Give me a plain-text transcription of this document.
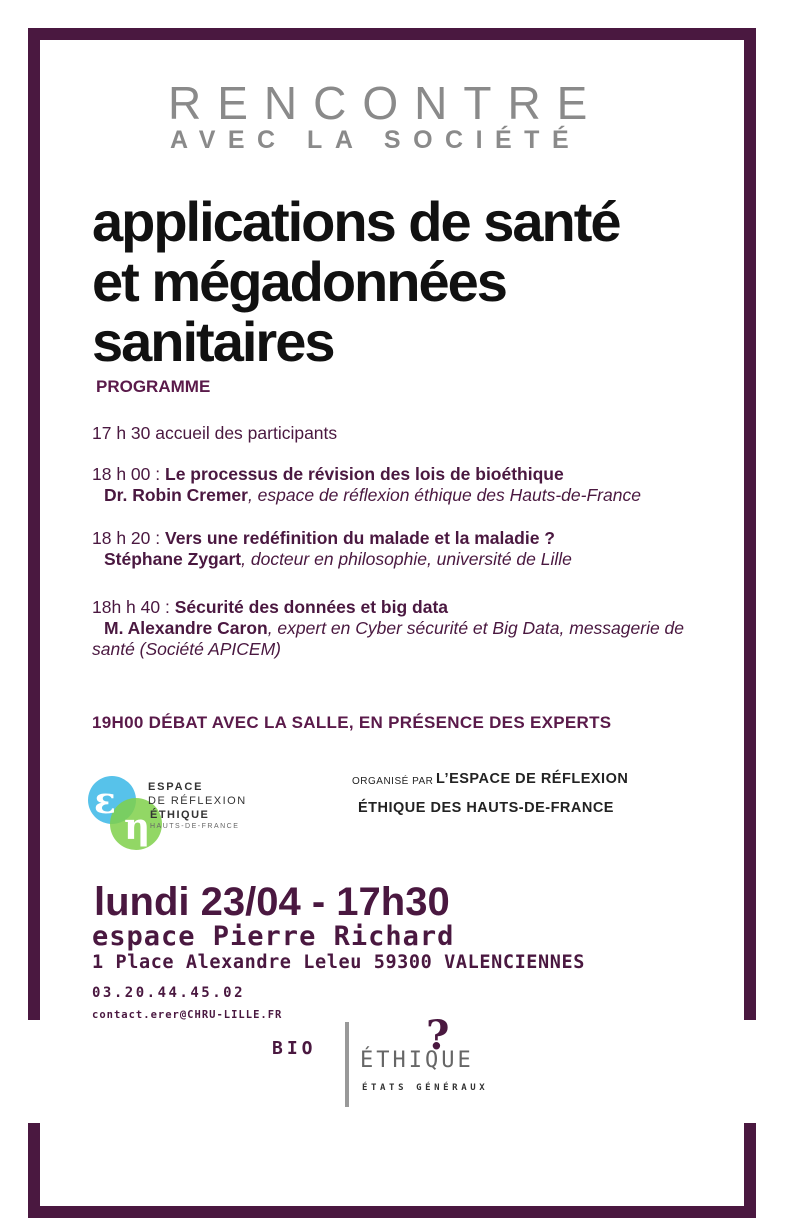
RENCONTRE
AVEC LA SOCIÉTÉ
applications de santé
et mégadonnées
sanitaires
PROGRAMME
17 h 30 accueil des participants
18 h 00 : Le processus de révision des lois de bioéthique
Dr. Robin Cremer, espace de réflexion éthique des Hauts-de-France
18 h 20 : Vers une redéfinition du malade et la maladie ?
Stéphane Zygart, docteur en philosophie, université de Lille
18h h 40 : Sécurité des données et big data
M. Alexandre Caron, expert en Cyber sécurité et Big Data, messagerie de
santé (Société APICEM)
19H00 DÉBAT AVEC LA SALLE, EN PRÉSENCE DES EXPERTS
ɛ
η
ESPACE
DE RÉFLEXION
ÉTHIQUE
HAUTS-DE-FRANCE
ORGANISÉ PAR L’ESPACE DE RÉFLEXION
ÉTHIQUE DES HAUTS-DE-FRANCE
lundi 23/04 - 17h30
espace Pierre Richard
1 Place Alexandre Leleu 59300 VALENCIENNES
03.20.44.45.02
contact.erer@CHRU-LILLE.FR
BIO	?
ÉTHIQUE
ÉTATS GÉNÉRAUX
